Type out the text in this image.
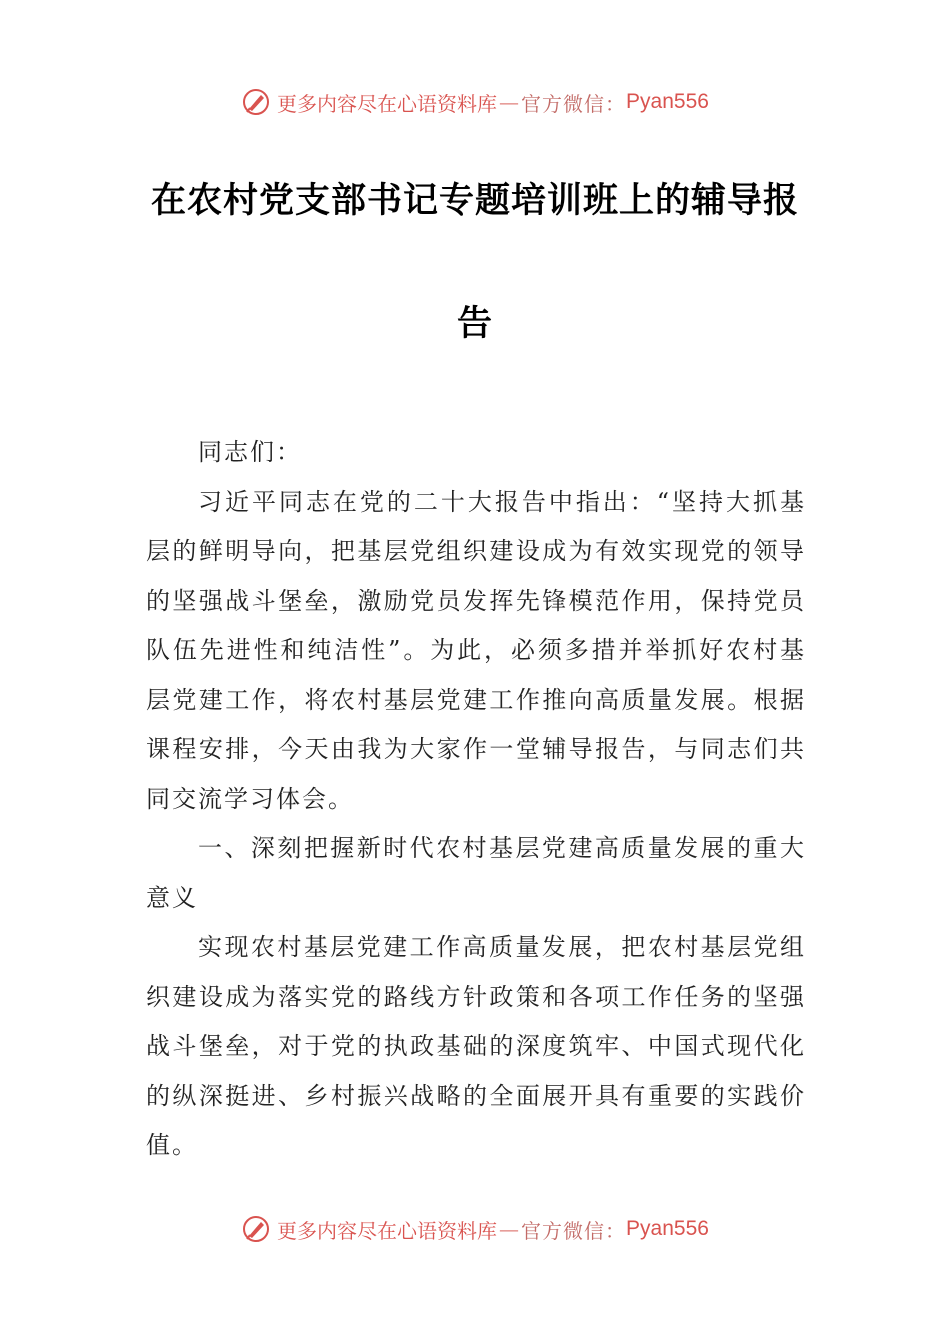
更多内容尽在心语资料库 — 官方微信： Pyan556
在农村党支部书记专题培训班上的辅导报
告

同志们：

习近平同志在党的二十大报告中指出：“坚持大抓基层的鲜明导向，把基层党组织建设成为有效实现党的领导的坚强战斗堡垒，激励党员发挥先锋模范作用，保持党员队伍先进性和纯洁性”。为此，必须多措并举抓好农村基层党建工作，将农村基层党建工作推向高质量发展。根据课程安排，今天由我为大家作一堂辅导报告，与同志们共同交流学习体会。

一、深刻把握新时代农村基层党建高质量发展的重大意义

实现农村基层党建工作高质量发展，把农村基层党组织建设成为落实党的路线方针政策和各项工作任务的坚强战斗堡垒，对于党的执政基础的深度筑牢、中国式现代化的纵深挺进、乡村振兴战略的全面展开具有重要的实践价值。

更多内容尽在心语资料库 — 官方微信： Pyan556
